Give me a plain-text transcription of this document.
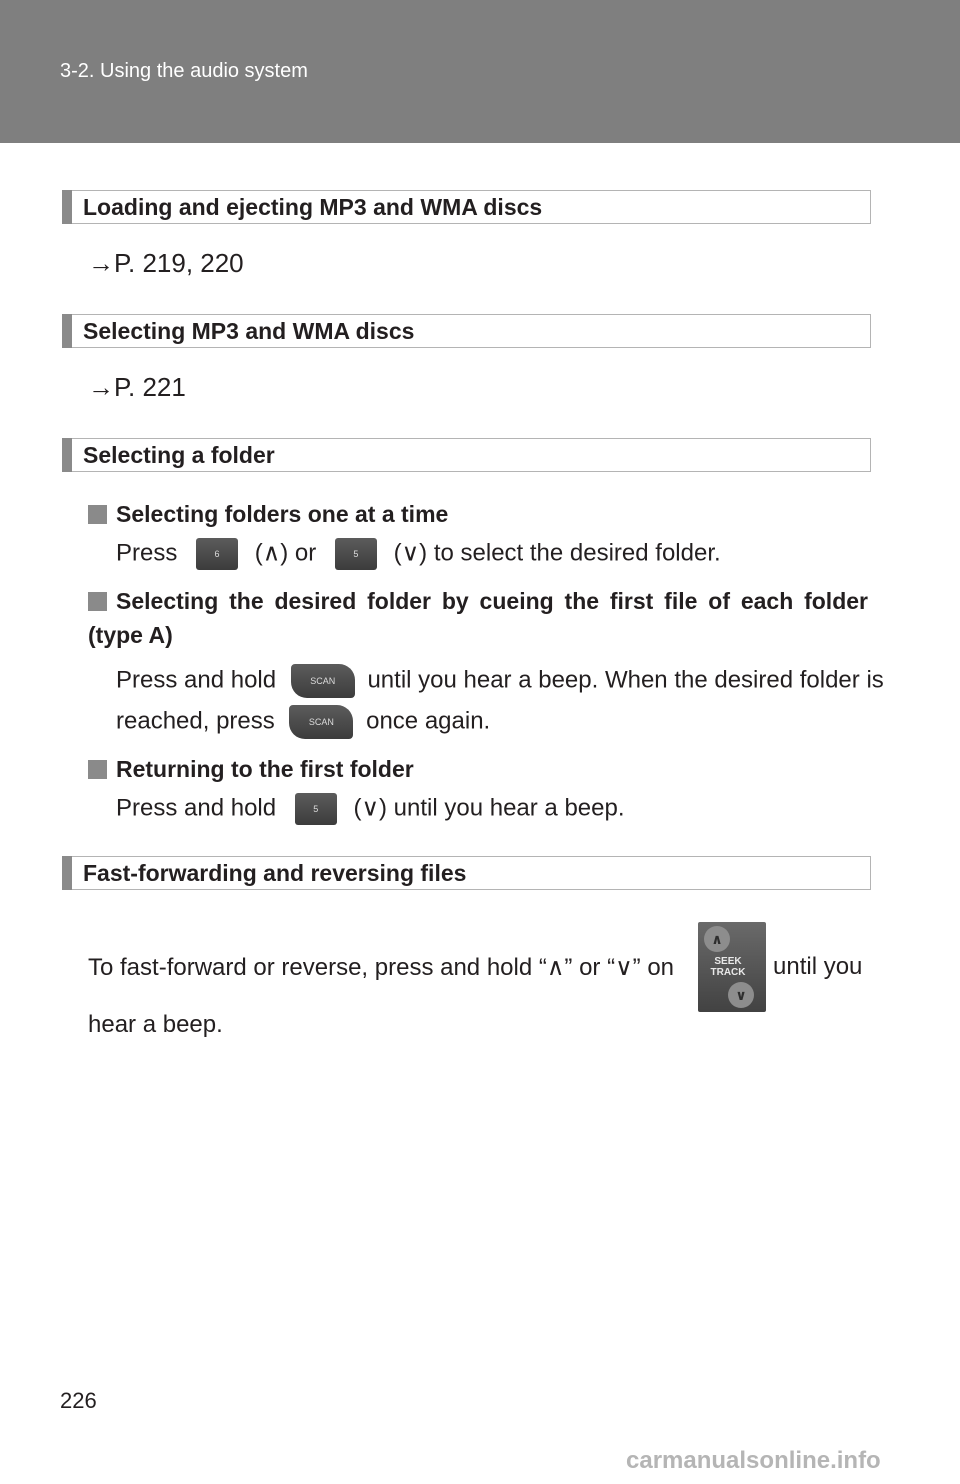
3-2. Using the audio system
Loading and ejecting MP3 and WMA discs
→P. 219, 220
Selecting MP3 and WMA discs
→P. 221
Selecting a folder
Selecting folders one at a time
Press	6 (∧) or	5 (∨) to select the desired folder.
Selecting the desired folder by cueing the first file of each folder (type A)
Press and hold	SCAN until you hear a beep. When the desired folder is
reached, press	SCAN once again.
Returning to the first folder
Press and hold	5 (∨) until you hear a beep.
Fast-forwarding and reversing files
To fast-forward or reverse, press and hold “∧” or “∨” on	until you
hear a beep.
∧
SEEK
TRACK
∨
226
carmanualsonline.info
